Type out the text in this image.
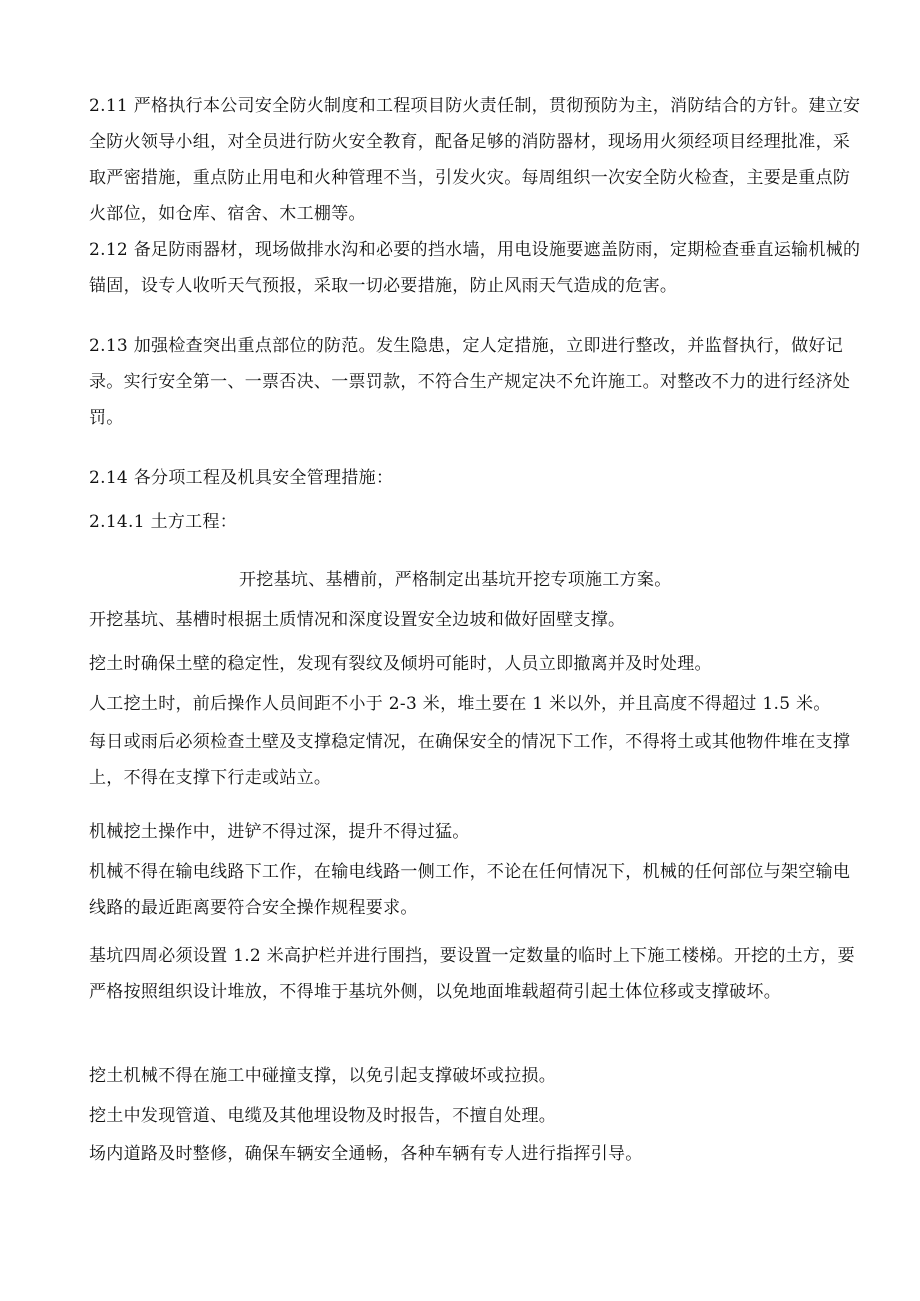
2.11 严格执行本公司安全防火制度和工程项目防火责任制，贯彻预防为主，消防结合的方针。建立安全防火领导小组，对全员进行防火安全教育，配备足够的消防器材，现场用火须经项目经理批准，采取严密措施，重点防止用电和火种管理不当，引发火灾。每周组织一次安全防火检查，主要是重点防火部位，如仓库、宿舍、木工棚等。

2.12 备足防雨器材，现场做排水沟和必要的挡水墙，用电设施要遮盖防雨，定期检查垂直运输机械的锚固，设专人收听天气预报，采取一切必要措施，防止风雨天气造成的危害。

2.13 加强检查突出重点部位的防范。发生隐患，定人定措施，立即进行整改，并监督执行，做好记录。实行安全第一、一票否决、一票罚款，不符合生产规定决不允许施工。对整改不力的进行经济处罚。

2.14 各分项工程及机具安全管理措施：

2.14.1 土方工程：

开挖基坑、基槽前，严格制定出基坑开挖专项施工方案。

开挖基坑、基槽时根据土质情况和深度设置安全边坡和做好固壁支撑。

挖土时确保土壁的稳定性，发现有裂纹及倾坍可能时，人员立即撤离并及时处理。

人工挖土时，前后操作人员间距不小于 2-3 米，堆土要在 1 米以外，并且高度不得超过 1.5 米。

每日或雨后必须检查土壁及支撑稳定情况，在确保安全的情况下工作，不得将土或其他物件堆在支撑上，不得在支撑下行走或站立。

机械挖土操作中，进铲不得过深，提升不得过猛。

机械不得在输电线路下工作，在输电线路一侧工作，不论在任何情况下，机械的任何部位与架空输电线路的最近距离要符合安全操作规程要求。

基坑四周必须设置 1.2 米高护栏并进行围挡，要设置一定数量的临时上下施工楼梯。开挖的土方，要严格按照组织设计堆放，不得堆于基坑外侧，以免地面堆载超荷引起土体位移或支撑破坏。

挖土机械不得在施工中碰撞支撑，以免引起支撑破坏或拉损。

挖土中发现管道、电缆及其他埋设物及时报告，不擅自处理。

场内道路及时整修，确保车辆安全通畅，各种车辆有专人进行指挥引导。
